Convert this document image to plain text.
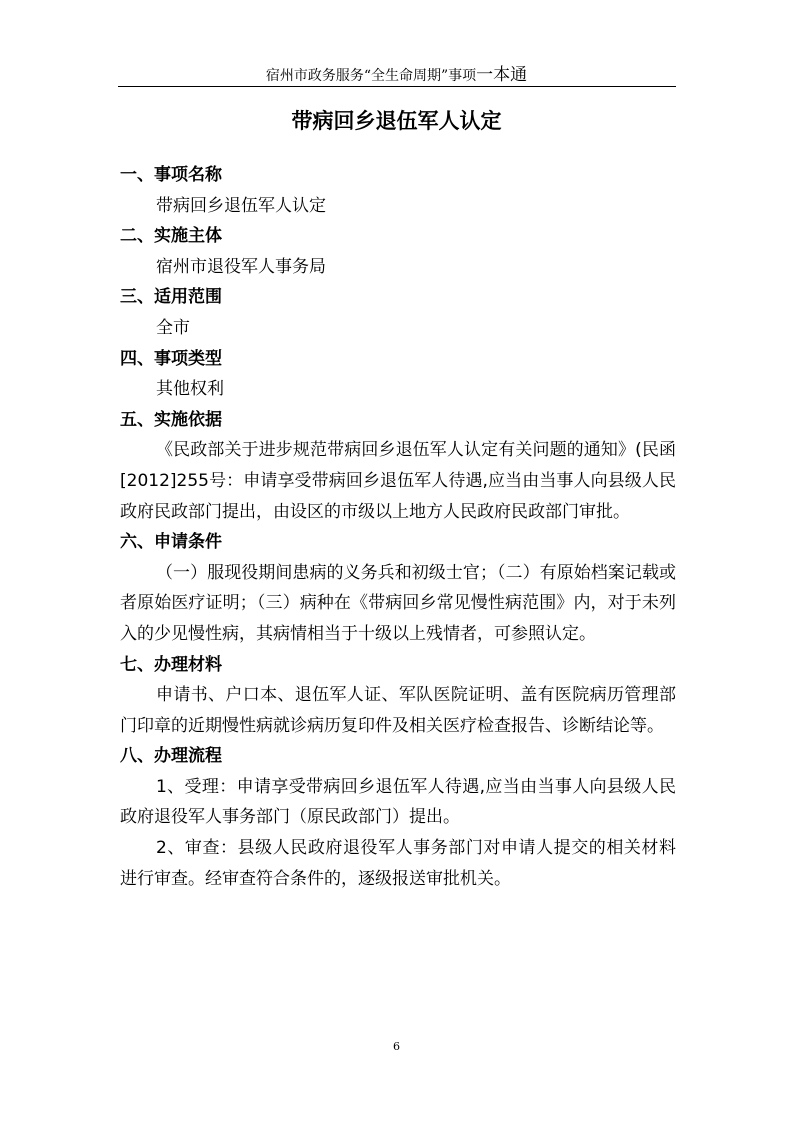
宿州市政务服务“全生命周期”事项一本通
带病回乡退伍军人认定

一、事项名称

带病回乡退伍军人认定

二、实施主体

宿州市退役军人事务局

三、适用范围

全市

四、事项类型

其他权利

五、实施依据

《民政部关于进步规范带病回乡退伍军人认定有关问题的通知》(民函[2012]255号：申请享受带病回乡退伍军人待遇,应当由当事人向县级人民政府民政部门提出，由设区的市级以上地方人民政府民政部门审批。

六、申请条件

（一）服现役期间患病的义务兵和初级士官；（二）有原始档案记载或者原始医疗证明；（三）病种在《带病回乡常见慢性病范围》内，对于未列入的少见慢性病，其病情相当于十级以上残情者，可参照认定。

七、办理材料

申请书、户口本、退伍军人证、军队医院证明、盖有医院病历管理部门印章的近期慢性病就诊病历复印件及相关医疗检查报告、诊断结论等。

八、办理流程

1、受理：申请享受带病回乡退伍军人待遇,应当由当事人向县级人民政府退役军人事务部门（原民政部门）提出。

2、审查：县级人民政府退役军人事务部门对申请人提交的相关材料进行审查。经审查符合条件的，逐级报送审批机关。

6
